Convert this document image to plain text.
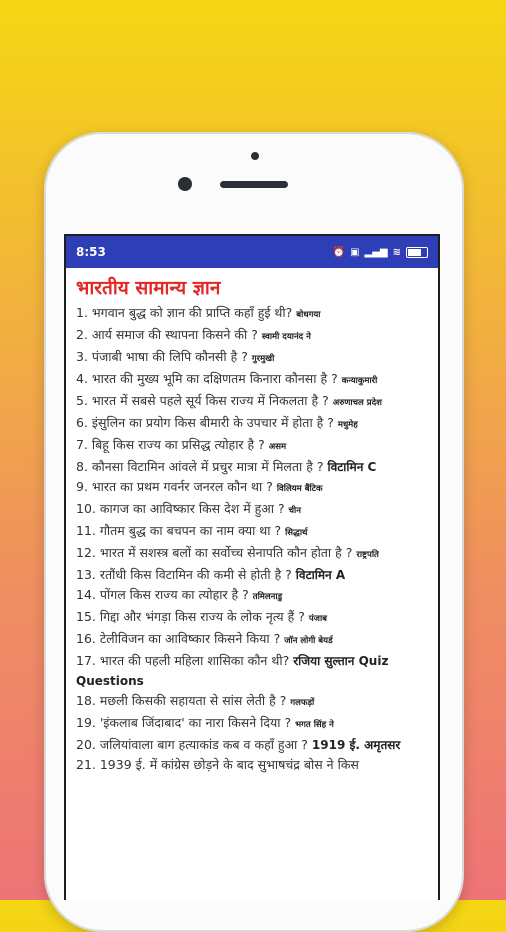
8:53	⏰ ▣ ▂▄▆ ≋
भारतीय सामान्य ज्ञान

1. भगवान बुद्ध को ज्ञान की प्राप्ति कहाँ हुई थी? बोधगया

2. आर्य समाज की स्थापना किसने की ? स्वामी दयानंद ने

3. पंजाबी भाषा की लिपि कौनसी है ? गुरमुखी

4. भारत की मुख्य भूमि का दक्षिणतम किनारा कौनसा है ? कन्याकुमारी

5. भारत में सबसे पहले सूर्य किस राज्य में निकलता है ? अरुणाचल प्रदेश

6. इंसुलिन का प्रयोग किस बीमारी के उपचार में होता है ? मधुमेह

7. बिहू किस राज्य का प्रसिद्ध त्योहार है ? असम

8. कौनसा विटामिन आंवले में प्रचुर मात्रा में मिलता है ? विटामिन C

9. भारत का प्रथम गवर्नर जनरल कौन था ? विलियम बैंटिक

10. कागज का आविष्कार किस देश में हुआ ? चीन

11. गौतम बुद्ध का बचपन का नाम क्या था ? सिद्धार्थ

12. भारत में सशस्त्र बलों का सर्वोच्च सेनापति कौन होता है ? राष्ट्रपति

13. रतौंधी किस विटामिन की कमी से होती है ? विटामिन A

14. पोंगल किस राज्य का त्योहार है ? तमिलनाडु

15. गिद्दा और भंगड़ा किस राज्य के लोक नृत्य हैं ? पंजाब

16. टेलीविजन का आविष्कार किसने किया ? जॉन लोगी बेयर्ड

17. भारत की पहली महिला शासिका कौन थी? रजिया सुल्तान Quiz Questions

18. मछली किसकी सहायता से सांस लेती है ? गलफड़ों

19. 'इंकलाब जिंदाबाद' का नारा किसने दिया ? भगत सिंह ने

20. जलियांवाला बाग हत्याकांड कब व कहाँ हुआ ? 1919 ई. अमृतसर

21. 1939 ई. में कांग्रेस छोड़ने के बाद सुभाषचंद्र बोस ने किस
